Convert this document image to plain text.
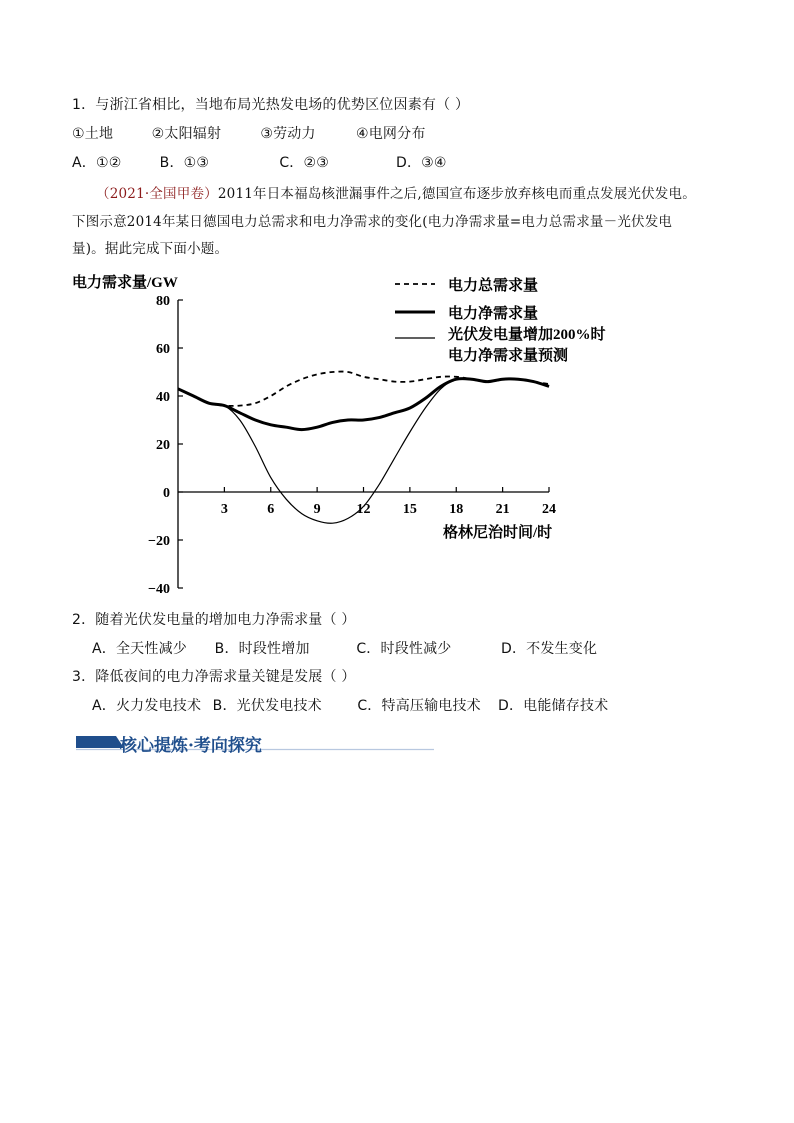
1．与浙江省相比，当地布局光热发电场的优势区位因素有（ ）
①土地	②太阳辐射	③劳动力	④电网分布
A．①②	B．①③	C．②③	D．③④
（2021·全国甲卷）2011年日本福岛核泄漏事件之后,德国宣布逐步放弃核电而重点发展光伏发电。
下图示意2014年某日德国电力总需求和电力净需求的变化(电力净需求量=电力总需求量－光伏发电
量)。据此完成下面小题。
80
60
40
20
0
−20
−40
3	6	9	12 15 18 21 24
电力需求量/GW
格林尼治时间/时
电力总需求量
电力净需求量
光伏发电量增加200%时
电力净需求量预测
2．随着光伏发电量的增加电力净需求量（ ）
A．全天性减少 B．时段性增加	C．时段性减少	D．不发生变化
3．降低夜间的电力净需求量关键是发展（ ）
A．火力发电技术 B．光伏发电技术	C．特高压输电技术 D．电能储存技术
核心提炼·考向探究
